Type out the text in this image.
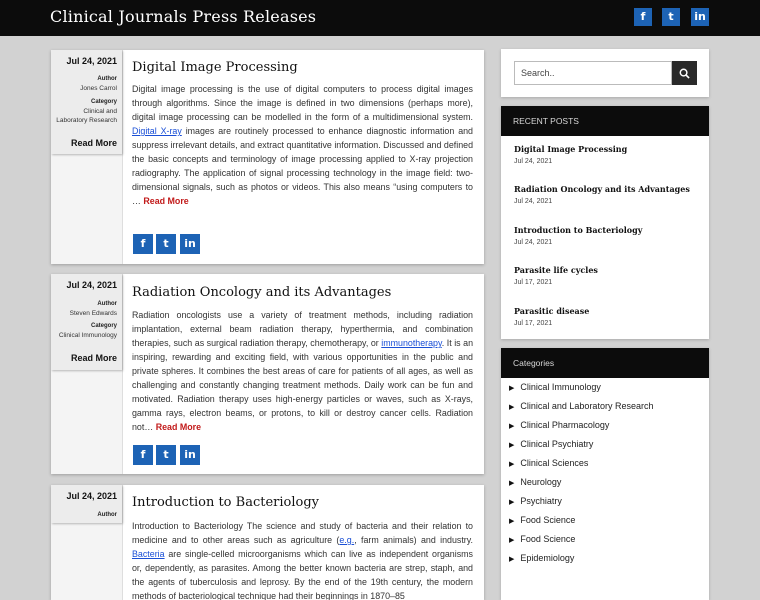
Clinical Journals Press Releases	f	t	in
Jul 24, 2021
Author
Jones Carrol
Category
Clinical and Laboratory Research
Read More
Digital Image Processing
Digital image processing is the use of digital computers to process digital images through algorithms. Since the image is defined in two dimensions (perhaps more), digital image processing can be modelled in the form of a multidimensional system. Digital X-ray images are routinely processed to enhance diagnostic information and suppress irrelevant details, and extract quantitative information. Discussed and defined the basic concepts and terminology of image processing applied to X-ray projection radiography. The application of signal processing technology in the image field: two-dimensional signals, such as photos or videos. This also means “using computers to … Read More
f	t	in
Jul 24, 2021
Author
Steven Edwards
Category
Clinical Immunology
Read More
Radiation Oncology and its Advantages
Radiation oncologists use a variety of treatment methods, including radiation implantation, external beam radiation therapy, hyperthermia, and combination therapies, such as surgical radiation therapy, chemotherapy, or immunotherapy. It is an inspiring, rewarding and exciting field, with various opportunities in the public and private spheres. It combines the best areas of care for patients of all ages, as well as challenging and constantly changing treatment methods. Daily work can be fun and motivated. Radiation therapy uses high-energy particles or waves, such as X-rays, gamma rays, electron beams, or protons, to kill or destroy cancer cells. Radiation not… Read More
f	t	in
Jul 24, 2021
Author
Introduction to Bacteriology
Introduction to Bacteriology The science and study of bacteria and their relation to medicine and to other areas such as agriculture (e.g., farm animals) and industry. Bacteria are single-celled microorganisms which can live as independent organisms or, dependently, as parasites. Among the better known bacteria are strep, staph, and the agents of tuberculosis and leprosy. By the end of the 19th century, the modern methods of bacteriological technique had their beginnings in 1870–85
Search..
RECENT POSTS
Digital Image Processing
Jul 24, 2021
Radiation Oncology and its Advantages
Jul 24, 2021
Introduction to Bacteriology
Jul 24, 2021
Parasite life cycles
Jul 17, 2021
Parasitic disease
Jul 17, 2021
Categories
▶ Clinical Immunology
▶ Clinical and Laboratory Research
▶ Clinical Pharmacology
▶ Clinical Psychiatry
▶ Clinical Sciences
▶ Neurology
▶ Psychiatry
▶ Food Science
▶ Food Science
▶ Epidemiology
